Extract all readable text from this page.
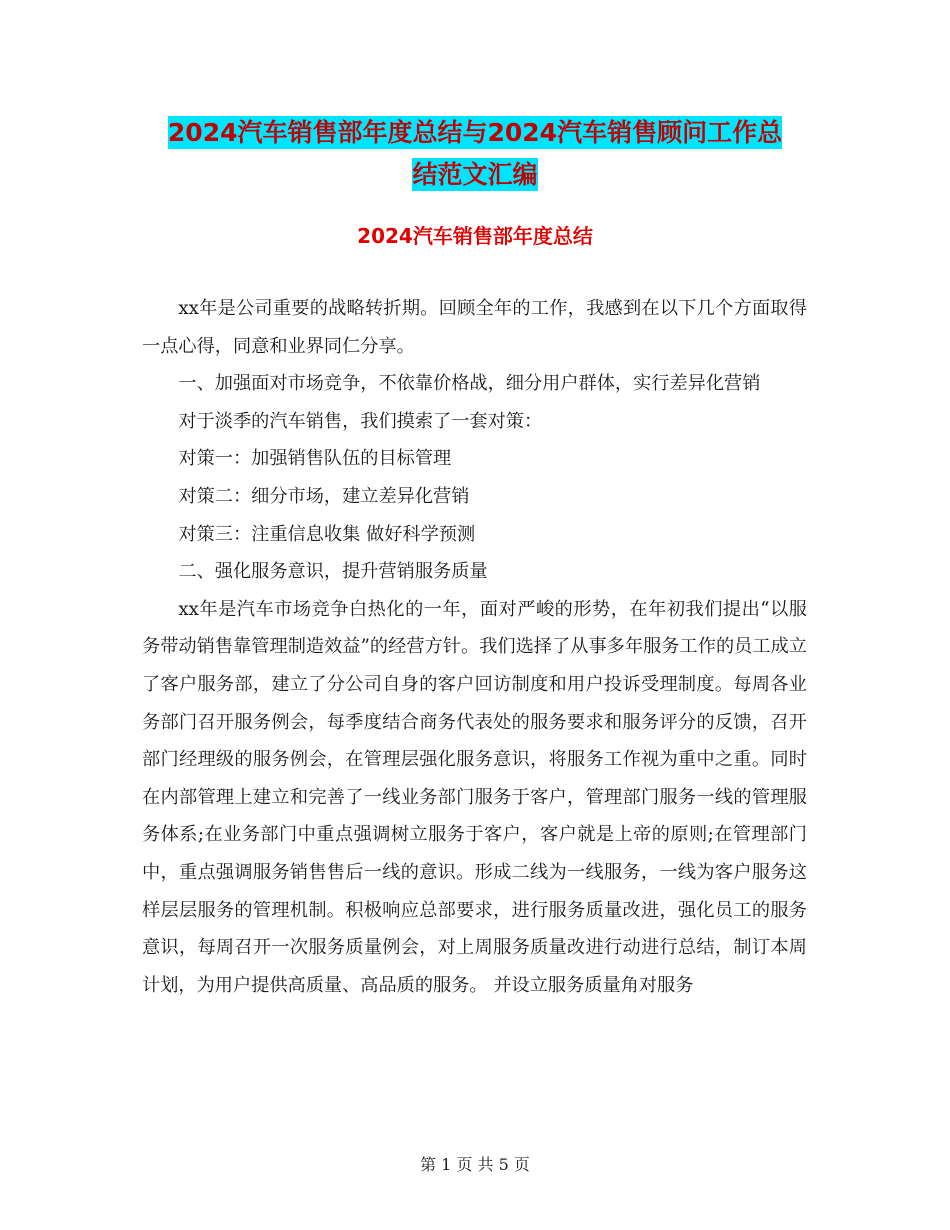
2024汽车销售部年度总结与2024汽车销售顾问工作总
结范文汇编
2024汽车销售部年度总结

xx年是公司重要的战略转折期。回顾全年的工作，我感到在以下几个方面取得一点心得，同意和业界同仁分享。

一、加强面对市场竞争，不依靠价格战，细分用户群体，实行差异化营销

对于淡季的汽车销售，我们摸索了一套对策：

对策一：加强销售队伍的目标管理

对策二：细分市场，建立差异化营销

对策三：注重信息收集 做好科学预测

二、强化服务意识，提升营销服务质量

xx年是汽车市场竞争白热化的一年，面对严峻的形势，在年初我们提出“以服务带动销售靠管理制造效益”的经营方针。我们选择了从事多年服务工作的员工成立了客户服务部，建立了分公司自身的客户回访制度和用户投诉受理制度。每周各业务部门召开服务例会，每季度结合商务代表处的服务要求和服务评分的反馈，召开部门经理级的服务例会，在管理层强化服务意识，将服务工作视为重中之重。同时在内部管理上建立和完善了一线业务部门服务于客户，管理部门服务一线的管理服务体系;在业务部门中重点强调树立服务于客户，客户就是上帝的原则;在管理部门中，重点强调服务销售售后一线的意识。形成二线为一线服务，一线为客户服务这样层层服务的管理机制。积极响应总部要求，进行服务质量改进，强化员工的服务意识，每周召开一次服务质量例会，对上周服务质量改进行动进行总结，制订本周计划，为用户提供高质量、高品质的服务。 并设立服务质量角对服务

第 1 页 共 5 页
